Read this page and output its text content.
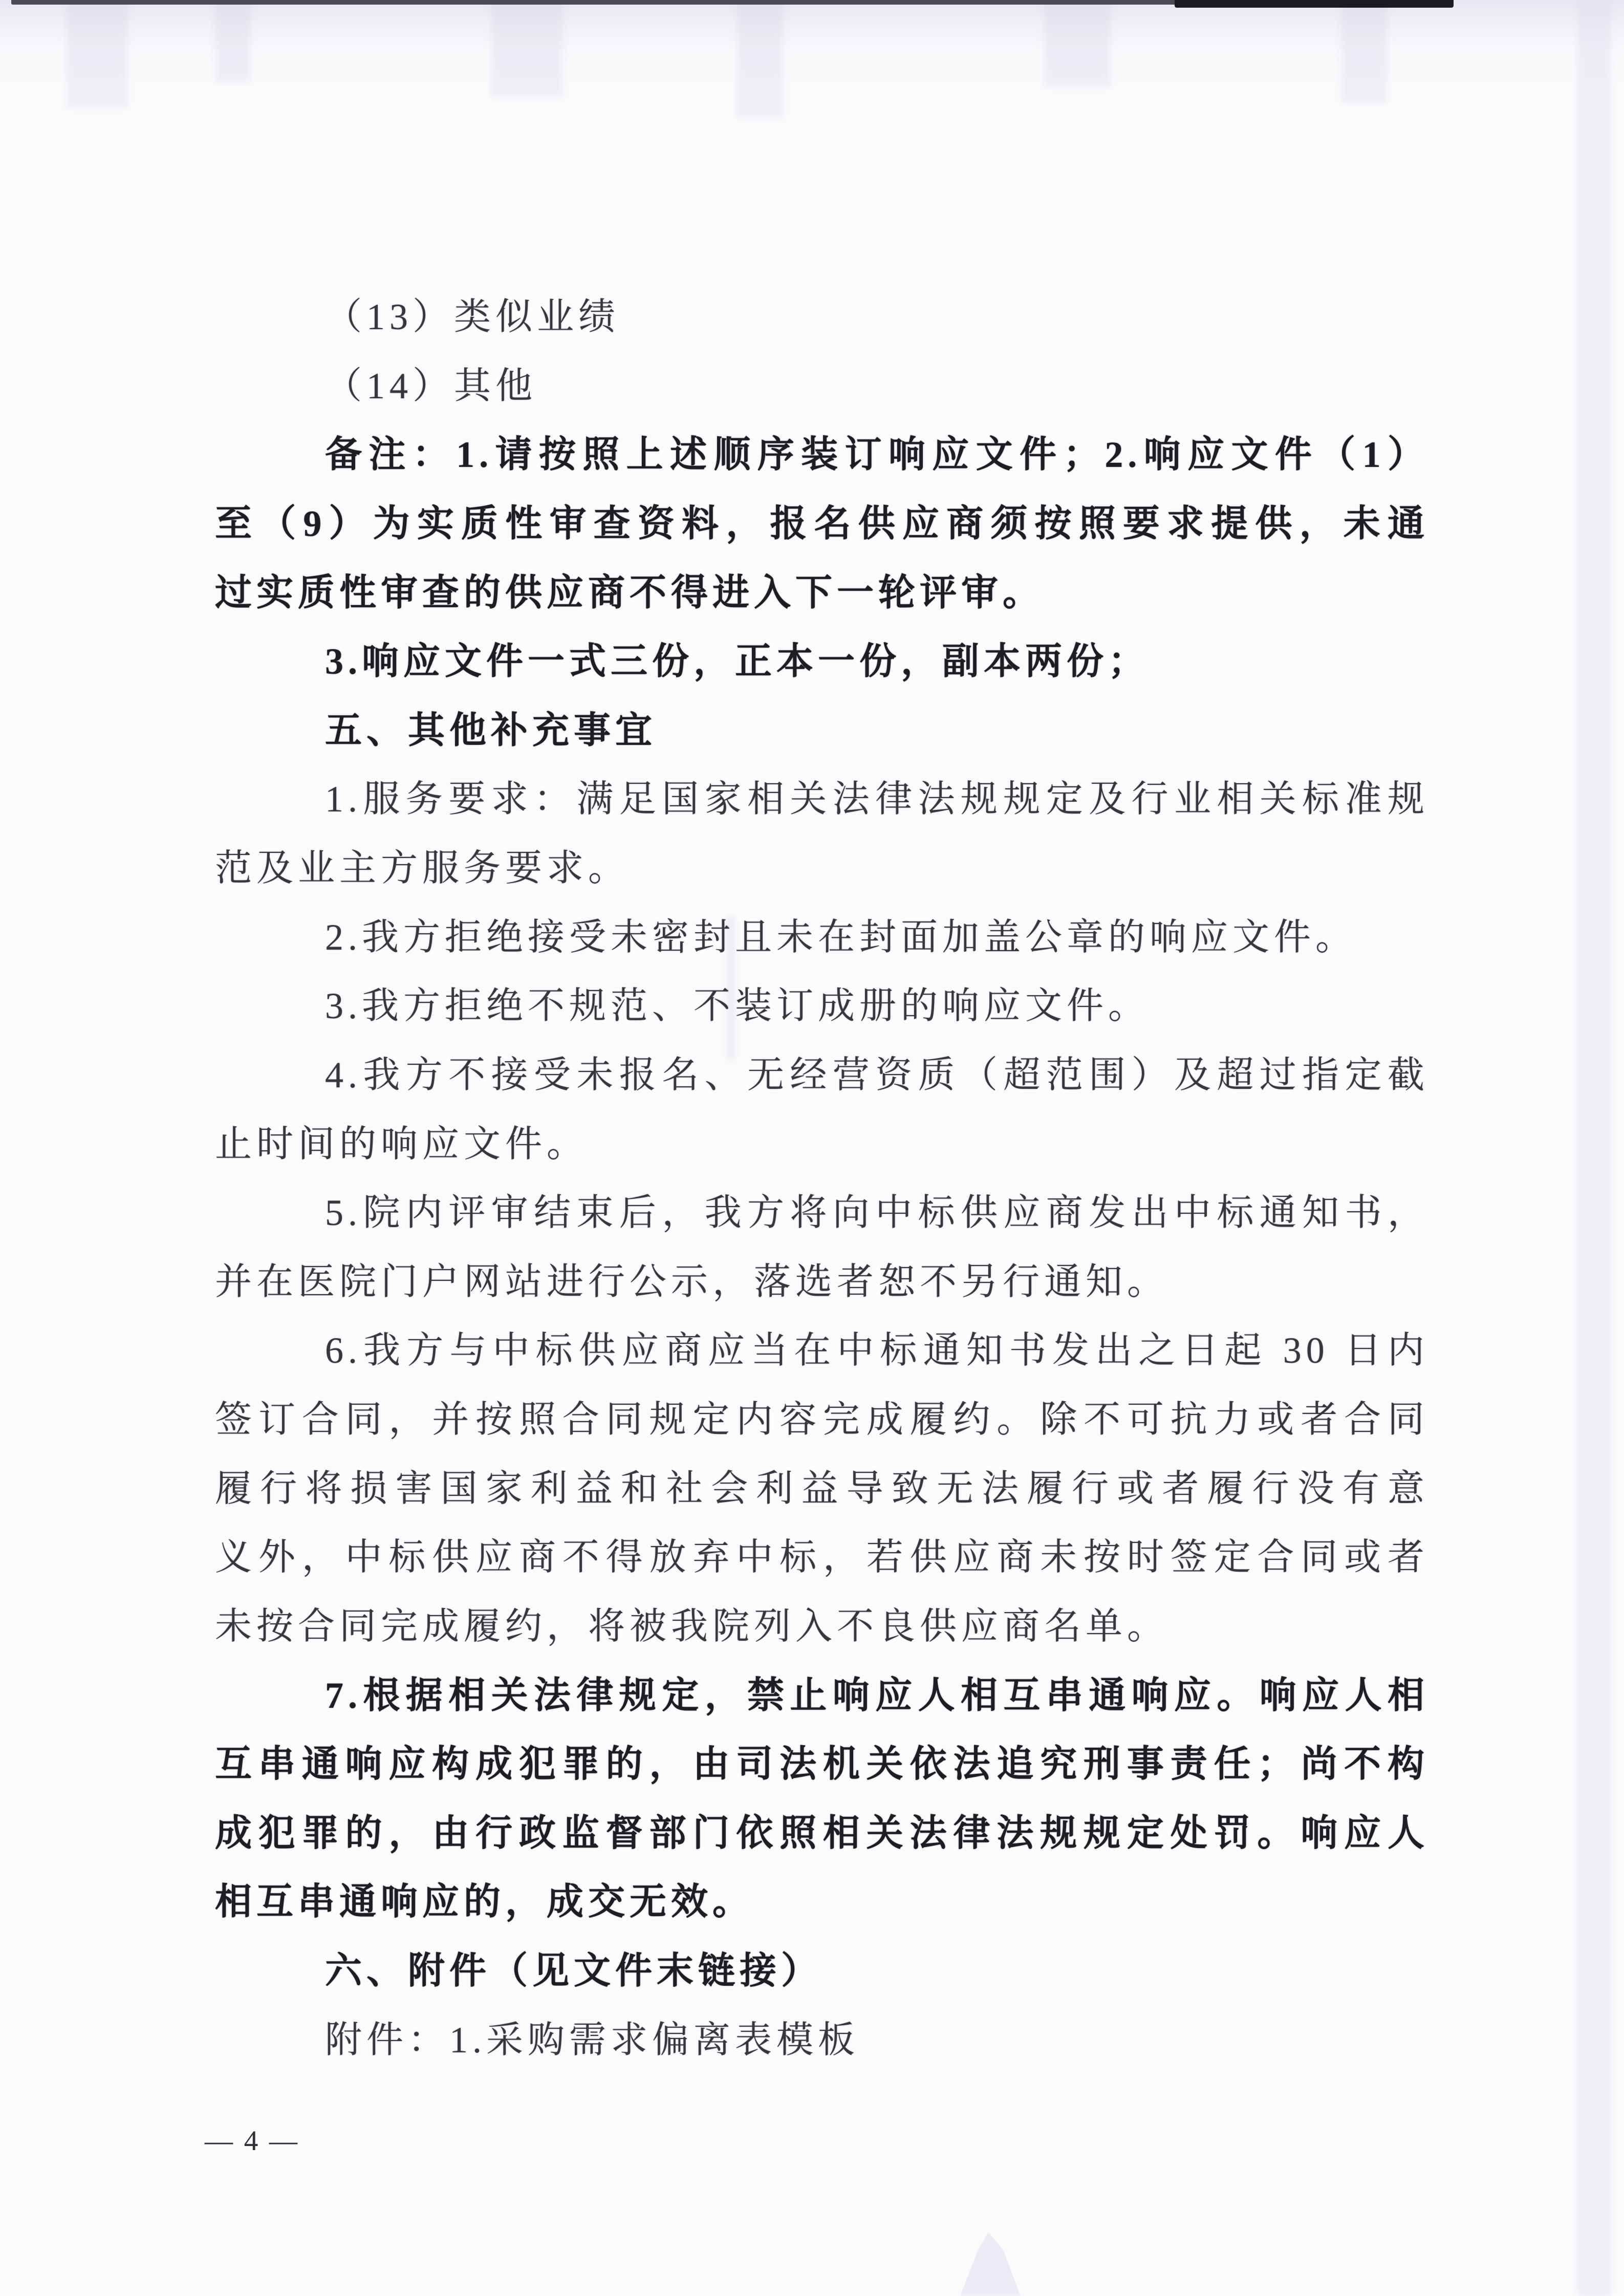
（13）类似业绩
（14）其他
备注：1.请按照上述顺序装订响应文件；2.响应文件（1）
至（9）为实质性审查资料，报名供应商须按照要求提供，未通
过实质性审查的供应商不得进入下一轮评审。
3.响应文件一式三份，正本一份，副本两份；
五、其他补充事宜
1.服务要求：满足国家相关法律法规规定及行业相关标准规
范及业主方服务要求。
2.我方拒绝接受未密封且未在封面加盖公章的响应文件。
3.我方拒绝不规范、不装订成册的响应文件。
4.我方不接受未报名、无经营资质（超范围）及超过指定截
止时间的响应文件。
5.院内评审结束后，我方将向中标供应商发出中标通知书，
并在医院门户网站进行公示，落选者恕不另行通知。
6.我方与中标供应商应当在中标通知书发出之日起 30 日内
签订合同，并按照合同规定内容完成履约。除不可抗力或者合同
履行将损害国家利益和社会利益导致无法履行或者履行没有意
义外，中标供应商不得放弃中标，若供应商未按时签定合同或者
未按合同完成履约，将被我院列入不良供应商名单。
7.根据相关法律规定，禁止响应人相互串通响应。响应人相
互串通响应构成犯罪的，由司法机关依法追究刑事责任；尚不构
成犯罪的，由行政监督部门依照相关法律法规规定处罚。响应人
相互串通响应的，成交无效。
六、附件（见文件末链接）
附件：1.采购需求偏离表模板
— 4 —
